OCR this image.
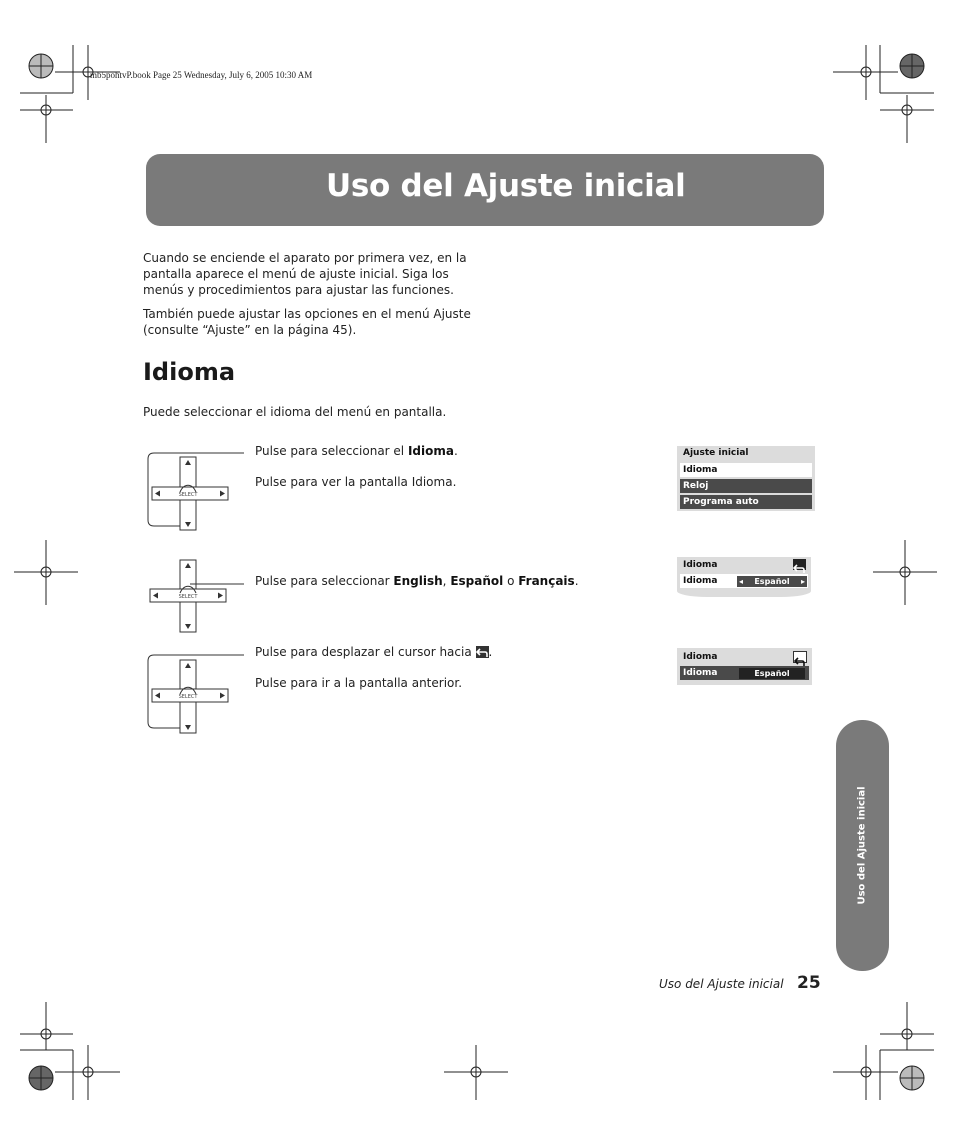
mb5pohtvP.book Page 25 Wednesday, July 6, 2005 10:30 AM
Uso del Ajuste inicial
Cuando se enciende el aparato por primera vez, en la
pantalla aparece el menú de ajuste inicial. Siga los
menús y procedimientos para ajustar las funciones.
También puede ajustar las opciones en el menú Ajuste
(consulte “Ajuste” en la página 45).
Idioma
Puede seleccionar el idioma del menú en pantalla.
SELECT
Pulse para seleccionar el Idioma.
Pulse para ver la pantalla Idioma.
Ajuste inicial
Idioma
Reloj
Programa auto
SELECT
Pulse para seleccionar English, Español o Français.
Idioma
Idioma	◂ Español ▸
SELECT
Pulse para desplazar el cursor hacia
.
Pulse para ir a la pantalla anterior.
Idioma
Idioma	Español
Uso del Ajuste inicial
Uso del Ajuste inicial 25
